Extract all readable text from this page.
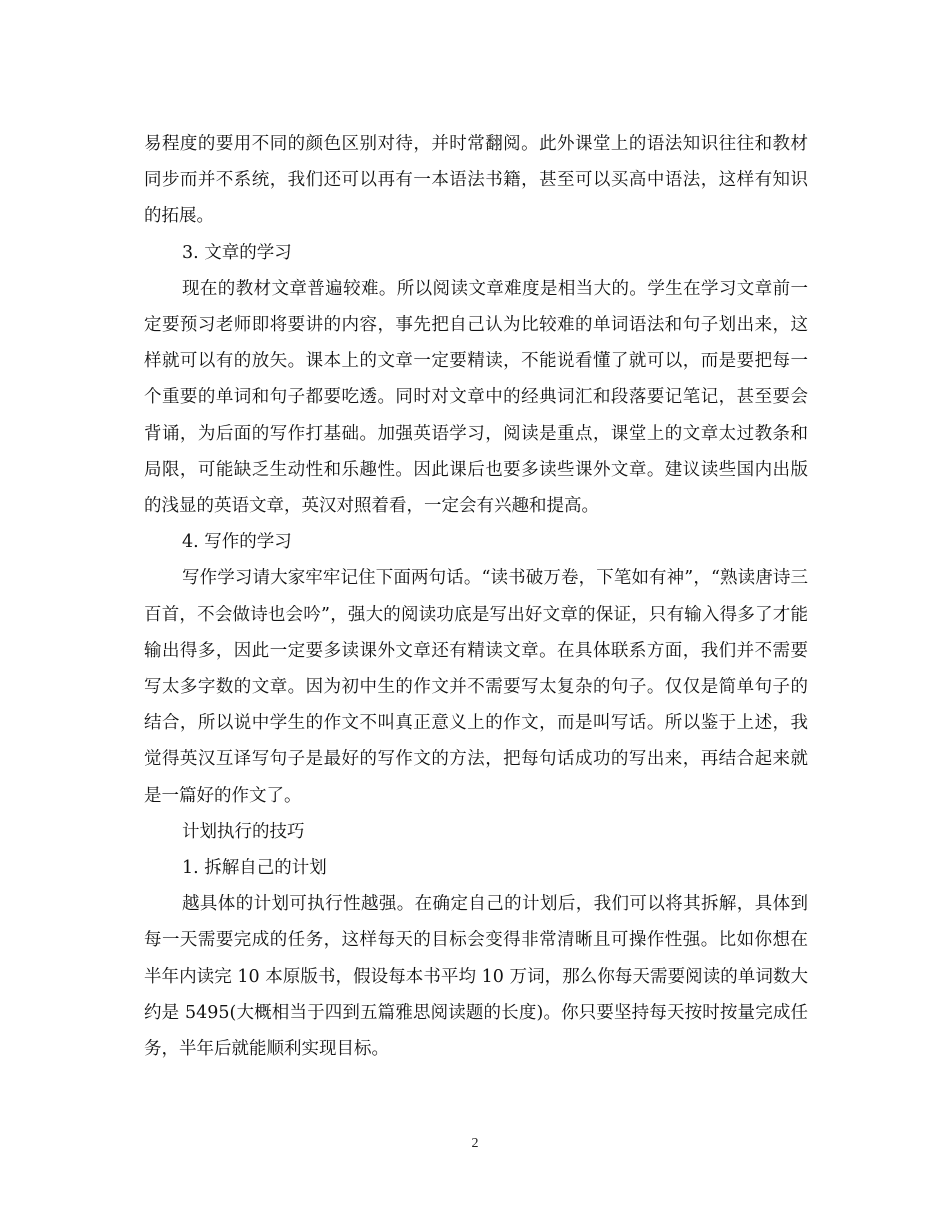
易程度的要用不同的颜色区别对待，并时常翻阅。此外课堂上的语法知识往往和教材同步而并不系统，我们还可以再有一本语法书籍，甚至可以买高中语法，这样有知识的拓展。

3. 文章的学习

现在的教材文章普遍较难。所以阅读文章难度是相当大的。学生在学习文章前一定要预习老师即将要讲的内容，事先把自己认为比较难的单词语法和句子划出来，这样就可以有的放矢。课本上的文章一定要精读，不能说看懂了就可以，而是要把每一个重要的单词和句子都要吃透。同时对文章中的经典词汇和段落要记笔记，甚至要会背诵，为后面的写作打基础。加强英语学习，阅读是重点，课堂上的文章太过教条和局限，可能缺乏生动性和乐趣性。因此课后也要多读些课外文章。建议读些国内出版的浅显的英语文章，英汉对照着看，一定会有兴趣和提高。

4. 写作的学习

写作学习请大家牢牢记住下面两句话。“读书破万卷，下笔如有神”，“熟读唐诗三百首，不会做诗也会吟”，强大的阅读功底是写出好文章的保证，只有输入得多了才能输出得多，因此一定要多读课外文章还有精读文章。在具体联系方面，我们并不需要写太多字数的文章。因为初中生的作文并不需要写太复杂的句子。仅仅是简单句子的结合，所以说中学生的作文不叫真正意义上的作文，而是叫写话。所以鉴于上述，我觉得英汉互译写句子是最好的写作文的方法，把每句话成功的写出来，再结合起来就是一篇好的作文了。

计划执行的技巧

1. 拆解自己的计划

越具体的计划可执行性越强。在确定自己的计划后，我们可以将其拆解，具体到每一天需要完成的任务，这样每天的目标会变得非常清晰且可操作性强。比如你想在半年内读完 10 本原版书，假设每本书平均 10 万词，那么你每天需要阅读的单词数大约是 5495(大概相当于四到五篇雅思阅读题的长度)。你只要坚持每天按时按量完成任务，半年后就能顺利实现目标。

2
